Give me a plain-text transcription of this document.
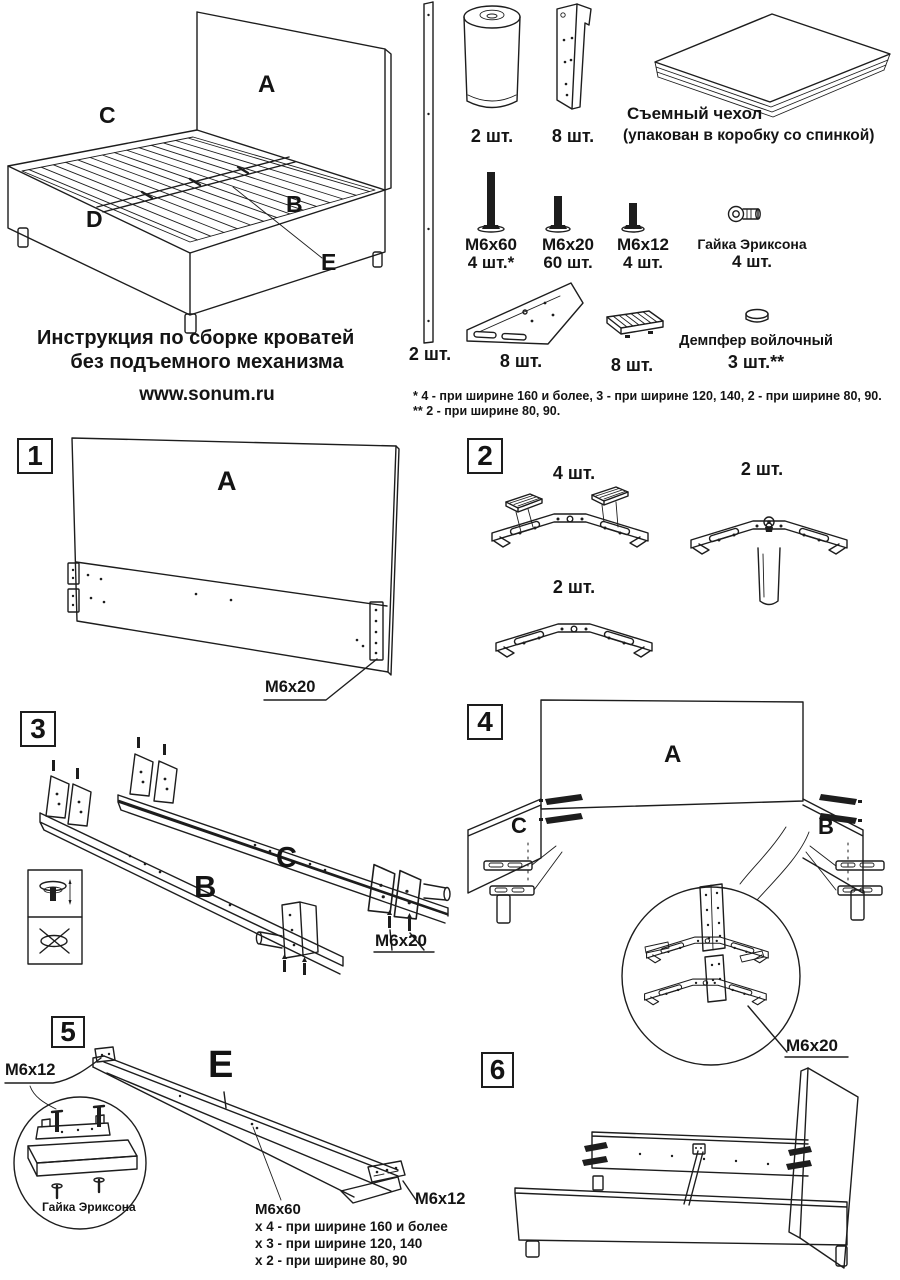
Инструкция по сборке кроватей
без подъемного механизма
www.sonum.ru
A
C
D
B
E
2 шт.
2 шт.	8 шт.
Съемный чехол
(упакован в коробку со спинкой)
M6x60
4 шт.*
M6x20
60 шт.
M6x12
4 шт.
Гайка Эриксона
4 шт.
8 шт.	8 шт.
Демпфер войлочный
3 шт.**
* 4 - при ширине 160 и более, 3 - при ширине 120, 140, 2 - при ширине 80, 90.
** 2 - при ширине 80, 90.
1	2
3	4
5
6
A
M6x20
4 шт.	2 шт.
2 шт.
C
B
M6x20
A
C	B
M6x20
E
M6x12
M6x12
Гайка Эриксона	M6x60
x 4 - при ширине 160 и более
x 3 - при ширине 120, 140
x 2 - при ширине 80, 90
